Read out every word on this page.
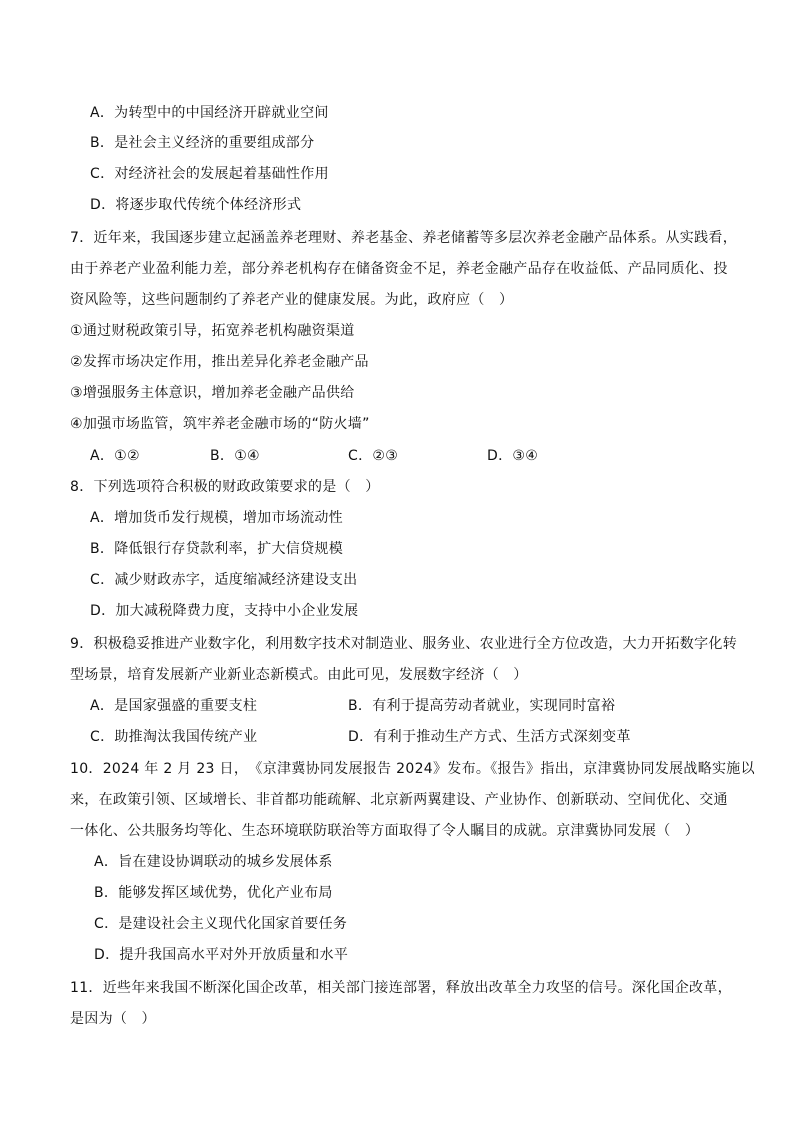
A．为转型中的中国经济开辟就业空间
B．是社会主义经济的重要组成部分
C．对经济社会的发展起着基础性作用
D．将逐步取代传统个体经济形式
7．近年来，我国逐步建立起涵盖养老理财、养老基金、养老储蓄等多层次养老金融产品体系。从实践看，
由于养老产业盈利能力差，部分养老机构存在储备资金不足，养老金融产品存在收益低、产品同质化、投
资风险等，这些问题制约了养老产业的健康发展。为此，政府应（　）
①通过财税政策引导，拓宽养老机构融资渠道
②发挥市场决定作用，推出差异化养老金融产品
③增强服务主体意识，增加养老金融产品供给
④加强市场监管，筑牢养老金融市场的“防火墙”
A．①②	B．①④	C．②③	D．③④
8．下列选项符合积极的财政政策要求的是（　）
A．增加货币发行规模，增加市场流动性
B．降低银行存贷款利率，扩大信贷规模
C．减少财政赤字，适度缩减经济建设支出
D．加大减税降费力度，支持中小企业发展
9．积极稳妥推进产业数字化，利用数字技术对制造业、服务业、农业进行全方位改造，大力开拓数字化转
型场景，培育发展新产业新业态新模式。由此可见，发展数字经济（　）
A．是国家强盛的重要支柱	B．有利于提高劳动者就业，实现同时富裕
C．助推淘汰我国传统产业	D．有利于推动生产方式、生活方式深刻变革
10．2024 年 2 月 23 日，　《京津冀协同发展报告 2024》发布。《报告》指出，京津冀协同发展战略实施以
来，在政策引领、区域增长、非首都功能疏解、北京新两翼建设、产业协作、创新联动、空间优化、交通
一体化、公共服务均等化、生态环境联防联治等方面取得了令人瞩目的成就。京津冀协同发展（　）
A．旨在建设协调联动的城乡发展体系
B．能够发挥区域优势，优化产业布局
C．是建设社会主义现代化国家首要任务
D．提升我国高水平对外开放质量和水平
11．近些年来我国不断深化国企改革，相关部门接连部署，释放出改革全力攻坚的信号。深化国企改革，
是因为（　）
